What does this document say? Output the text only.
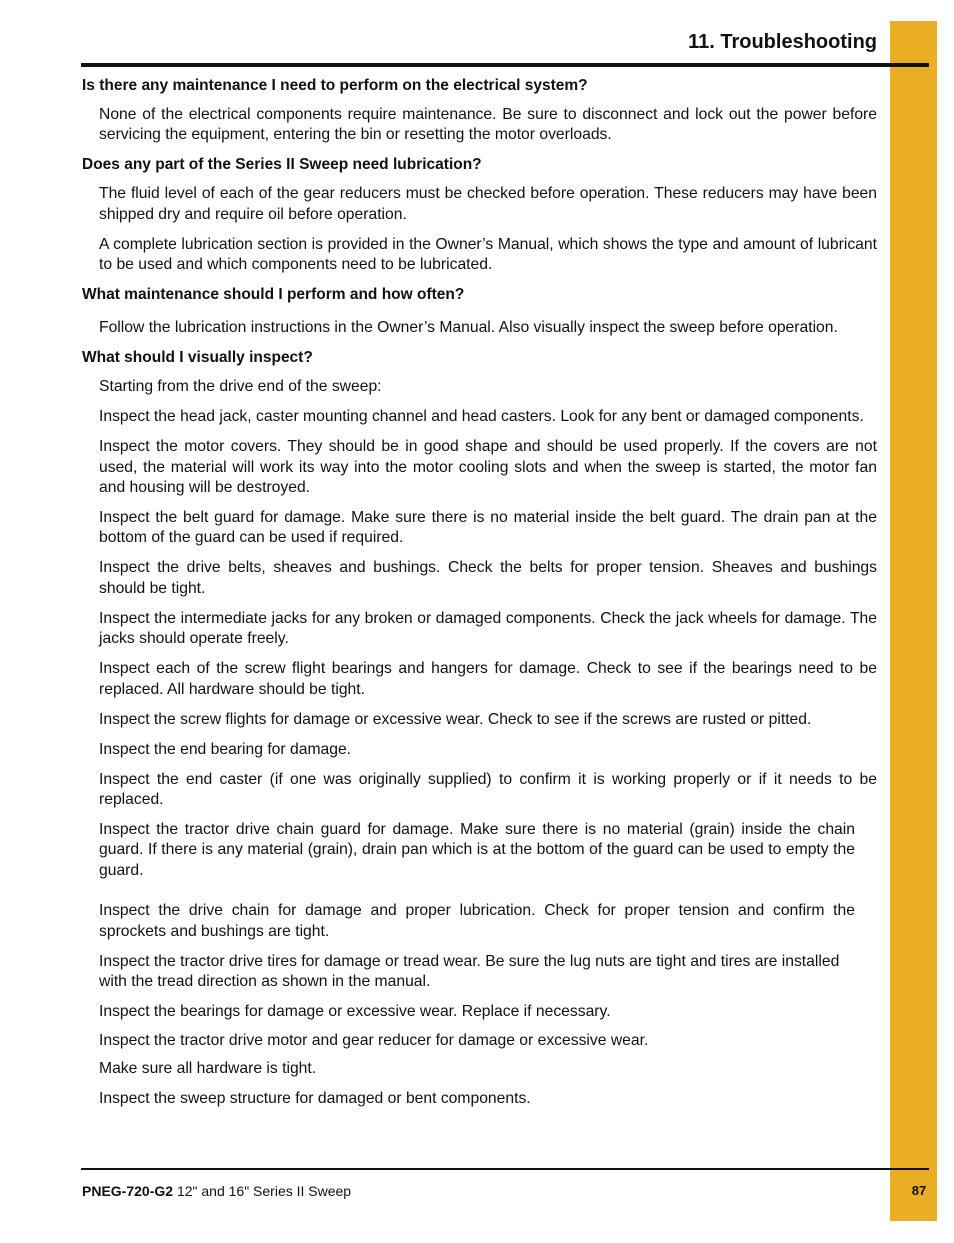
11. Troubleshooting
Is there any maintenance I need to perform on the electrical system?
None of the electrical components require maintenance. Be sure to disconnect and lock out the power before servicing the equipment, entering the bin or resetting the motor overloads.
Does any part of the Series II Sweep need lubrication?
The fluid level of each of the gear reducers must be checked before operation. These reducers may have been shipped dry and require oil before operation.
A complete lubrication section is provided in the Owner’s Manual, which shows the type and amount of lubricant to be used and which components need to be lubricated.
What maintenance should I perform and how often?
Follow the lubrication instructions in the Owner’s Manual. Also visually inspect the sweep before operation.
What should I visually inspect?
Starting from the drive end of the sweep:
Inspect the head jack, caster mounting channel and head casters. Look for any bent or damaged components.
Inspect the motor covers. They should be in good shape and should be used properly. If the covers are not used, the material will work its way into the motor cooling slots and when the sweep is started, the motor fan and housing will be destroyed.
Inspect the belt guard for damage. Make sure there is no material inside the belt guard. The drain pan at the bottom of the guard can be used if required.
Inspect the drive belts, sheaves and bushings. Check the belts for proper tension. Sheaves and bushings should be tight.
Inspect the intermediate jacks for any broken or damaged components. Check the jack wheels for damage. The jacks should operate freely.
Inspect each of the screw flight bearings and hangers for damage. Check to see if the bearings need to be replaced. All hardware should be tight.
Inspect the screw flights for damage or excessive wear. Check to see if the screws are rusted or pitted.
Inspect the end bearing for damage.
Inspect the end caster (if one was originally supplied) to confirm it is working properly or if it needs to be replaced.
Inspect the tractor drive chain guard for damage. Make sure there is no material (grain) inside the chain guard. If there is any material (grain), drain pan which is at the bottom of the guard can be used to empty the guard.
Inspect the drive chain for damage and proper lubrication. Check for proper tension and confirm the sprockets and bushings are tight.
Inspect the tractor drive tires for damage or tread wear. Be sure the lug nuts are tight and tires are installed with the tread direction as shown in the manual.
Inspect the bearings for damage or excessive wear. Replace if necessary.
Inspect the tractor drive motor and gear reducer for damage or excessive wear.
Make sure all hardware is tight.
Inspect the sweep structure for damaged or bent components.
PNEG-720-G2 12" and 16" Series II Sweep	87
